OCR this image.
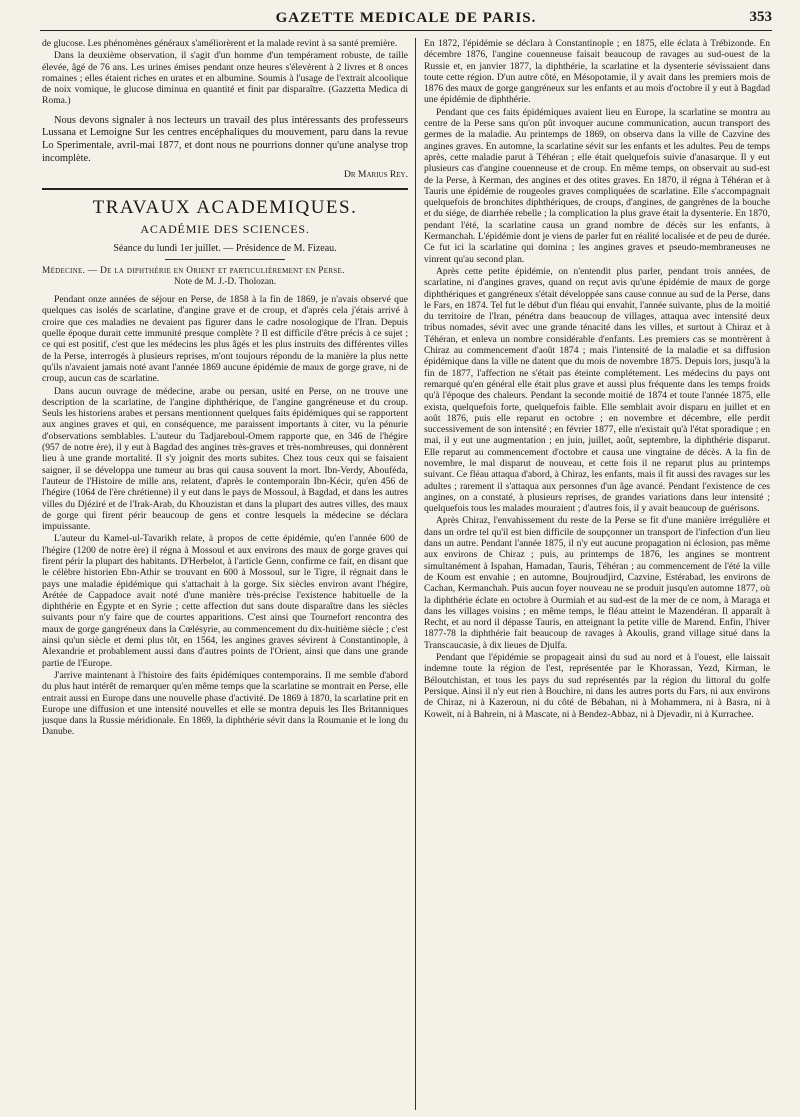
GAZETTE MEDICALE DE PARIS.	353

de glucose. Les phénomènes généraux s'améliorèrent et la malade revint à sa santé première.

Dans la deuxième observation, il s'agit d'un homme d'un tempérament robuste, de taille élevée, âgé de 76 ans. Les urines émises pendant onze heures s'élevèrent à 2 livres et 8 onces romaines ; elles étaient riches en urates et en albumine. Soumis à l'usage de l'extrait alcoolique de noix vomique, le glucose diminua en quantité et finit par disparaître. (Gazzetta Medica di Roma.)

Nous devons signaler à nos lecteurs un travail des plus intéressants des professeurs Lussana et Lemoigne Sur les centres encéphaliques du mouvement, paru dans la revue Lo Sperimentale, avril-mai 1877, et dont nous ne pourrions donner qu'une analyse trop incomplète.

Dr Marius Rey.

TRAVAUX ACADEMIQUES.
ACADÉMIE DES SCIENCES.
Séance du lundi 1er juillet. — Présidence de M. Fizeau.
Médecine. — De la diphthérie en Orient et particulièrement en Perse.
Note de M. J.-D. Tholozan.

Pendant onze années de séjour en Perse, de 1858 à la fin de 1869, je n'avais observé que quelques cas isolés de scarlatine, d'angine grave et de croup, et d'après cela j'étais arrivé à croire que ces maladies ne devaient pas figurer dans le cadre nosologique de l'Iran. Depuis quelle époque durait cette immunité presque complète ? Il est difficile d'être précis à ce sujet ; ce qui est positif, c'est que les médecins les plus âgés et les plus instruits des différentes villes de la Perse, interrogés à plusieurs reprises, m'ont toujours répondu de la manière la plus nette qu'ils n'avaient jamais noté avant l'année 1869 aucune épidémie de maux de gorge grave, ni de croup, aucun cas de scarlatine.

Dans aucun ouvrage de médecine, arabe ou persan, usité en Perse, on ne trouve une description de la scarlatine, de l'angine diphthérique, de l'angine gangréneuse et du croup. Seuls les historiens arabes et persans mentionnent quelques faits épidémiques qui se rapportent aux angines graves et qui, en conséquence, me paraissent importants à citer, vu la pénurie d'observations semblables. L'auteur du Tadjareboul-Omem rapporte que, en 346 de l'hégire (957 de notre ère), il y eut à Bagdad des angines très-graves et très-nombreuses, qui donnèrent lieu à une grande mortalité. Il s'y joignit des morts subites. Chez tous ceux qui se faisaient saigner, il se développa une tumeur au bras qui causa souvent la mort. Ibn-Verdy, Abouféda, l'auteur de l'Histoire de mille ans, relatent, d'après le contemporain Ibn-Kécir, qu'en 456 de l'hégire (1064 de l'ère chrétienne) il y eut dans le pays de Mossoul, à Bagdad, et dans les autres villes du Djéziré et de l'Irak-Arab, du Khouzistan et dans la plupart des autres villes, des maux de gorge qui firent périr beaucoup de gens et contre lesquels la médecine se déclara impuissante.

L'auteur du Kamel-ul-Tavarikh relate, à propos de cette épidémie, qu'en l'année 600 de l'hégire (1200 de notre ère) il régna à Mossoul et aux environs des maux de gorge graves qui firent périr la plupart des habitants. D'Herbelot, à l'article Genn, confirme ce fait, en disant que le célèbre historien Ebn-Athir se trouvant en 600 à Mossoul, sur le Tigre, il régnait dans le pays une maladie épidémique qui s'attachait à la gorge. Six siècles environ avant l'hégire, Arétée de Cappadoce avait noté d'une manière très-précise l'existence habituelle de la diphthérie en Égypte et en Syrie ; cette affection dut sans doute disparaître dans les siècles suivants pour n'y faire que de courtes apparitions. C'est ainsi que Tournefort rencontra des maux de gorge gangréneux dans la Cœlésyrie, au commencement du dix-huitième siècle ; c'est ainsi qu'un siècle et demi plus tôt, en 1564, les angines graves sévirent à Constantinople, à Alexandrie et probablement aussi dans d'autres points de l'Orient, ainsi que dans une grande partie de l'Europe.

J'arrive maintenant à l'histoire des faits épidémiques contemporains. Il me semble d'abord du plus haut intérêt de remarquer qu'en même temps que la scarlatine se montrait en Perse, elle entrait aussi en Europe dans une nouvelle phase d'activité. De 1869 à 1870, la scarlatine prit en Europe une diffusion et une intensité nouvelles et elle se montra depuis les Iles Britanniques jusque dans la Russie méridionale. En 1869, la diphthérie sévit dans la Roumanie et le long du Danube.

En 1872, l'épidémie se déclara à Constantinople ; en 1875, elle éclata à Trébizonde. En décembre 1876, l'angine couenneuse faisait beaucoup de ravages au sud-ouest de la Russie et, en janvier 1877, la diphthérie, la scarlatine et la dysenterie sévissaient dans toute cette région. D'un autre côté, en Mésopotamie, il y avait dans les premiers mois de 1876 des maux de gorge gangréneux sur les enfants et au mois d'octobre il y eut à Bagdad une épidémie de diphthérie.

Pendant que ces faits épidémiques avaient lieu en Europe, la scarlatine se montra au centre de la Perse sans qu'on pût invoquer aucune communication, aucun transport des germes de la maladie. Au printemps de 1869, on observa dans la ville de Cazvine des angines graves. En automne, la scarlatine sévit sur les enfants et les adultes. Peu de temps après, cette maladie parut à Téhéran ; elle était quelquefois suivie d'anasarque. Il y eut plusieurs cas d'angine couenneuse et de croup. En même temps, on observait au sud-est de la Perse, à Kerman, des angines et des otites graves. En 1870, il régna à Téhéran et à Tauris une épidémie de rougeoles graves compliquées de scarlatine. Elle s'accompagnait quelquefois de bronchites diphthériques, de croups, d'angines, de gangrènes de la bouche et du siége, de diarrhée rebelle ; la complication la plus grave était la dysenterie. En 1870, pendant l'été, la scarlatine causa un grand nombre de décès sur les enfants, à Kermanchah. L'épidémie dont je viens de parler fut en réalité localisée et de peu de durée. Ce fut ici la scarlatine qui domina ; les angines graves et pseudo-membraneuses ne vinrent qu'au second plan.

Après cette petite épidémie, on n'entendit plus parler, pendant trois années, de scarlatine, ni d'angines graves, quand on reçut avis qu'une épidémie de maux de gorge diphthériques et gangréneux s'était développée sans cause connue au sud de la Perse, dans le Fars, en 1874. Tel fut le début d'un fléau qui envahit, l'année suivante, plus de la moitié du territoire de l'Iran, pénétra dans beaucoup de villages, attaqua avec intensité deux tribus nomades, sévit avec une grande ténacité dans les villes, et surtout à Chiraz et à Téhéran, et enleva un nombre considérable d'enfants. Les premiers cas se montrèrent à Chiraz au commencement d'août 1874 ; mais l'intensité de la maladie et sa diffusion épidémique dans la ville ne datent que du mois de novembre 1875. Depuis lors, jusqu'à la fin de 1877, l'affection ne s'était pas éteinte complétement. Les médecins du pays ont remarqué qu'en général elle était plus grave et aussi plus fréquente dans les temps froids qu'à l'époque des chaleurs. Pendant la seconde moitié de 1874 et toute l'année 1875, elle exista, quelquefois forte, quelquefois faible. Elle semblait avoir disparu en juillet et en août 1876, puis elle reparut en octobre ; en novembre et décembre, elle perdit successivement de son intensité ; en février 1877, elle n'existait qu'à l'état sporadique ; en mai, il y eut une augmentation ; en juin, juillet, août, septembre, la diphthérie disparut. Elle reparut au commencement d'octobre et causa une vingtaine de décès. A la fin de novembre, le mal disparut de nouveau, et cette fois il ne reparut plus au printemps suivant. Ce fléau attaqua d'abord, à Chiraz, les enfants, mais il fit aussi des ravages sur les adultes ; rarement il s'attaqua aux personnes d'un âge avancé. Pendant l'existence de ces angines, on a constaté, à plusieurs reprises, de grandes variations dans leur intensité ; quelquefois tous les malades mouraient ; d'autres fois, il y avait beaucoup de guérisons.

Après Chiraz, l'envahissement du reste de la Perse se fit d'une manière irrégulière et dans un ordre tel qu'il est bien difficile de soupçonner un transport de l'infection d'un lieu dans un autre. Pendant l'année 1875, il n'y eut aucune propagation ni éclosion, pas même aux environs de Chiraz ; puis, au printemps de 1876, les angines se montrent simultanément à Ispahan, Hamadan, Tauris, Téhéran ; au commencement de l'été la ville de Koum est envahie ; en automne, Boujroudjird, Cazvine, Estérabad, les environs de Cachan, Kermanchah. Puis aucun foyer nouveau ne se produit jusqu'en automne 1877, où la diphthérie éclate en octobre à Ourmiah et au sud-est de la mer de ce nom, à Maraga et dans les villages voisins ; en même temps, le fléau atteint le Mazendéran. Il apparaît à Recht, et au nord il dépasse Tauris, en atteignant la petite ville de Marend. Enfin, l'hiver 1877-78 la diphthérie fait beaucoup de ravages à Akoulis, grand village situé dans la Transcaucasie, à dix lieues de Djulfa.

Pendant que l'épidémie se propageait ainsi du sud au nord et à l'ouest, elle laissait indemne toute la région de l'est, représentée par le Khorassan, Yezd, Kirman, le Béloutchistan, et tous les pays du sud représentés par la région du littoral du golfe Persique. Ainsi il n'y eut rien à Bouchire, ni dans les autres ports du Fars, ni aux environs de Chiraz, ni à Kazeroun, ni du côté de Bébahan, ni à Mohammera, ni à Basra, ni à Koweït, ni à Bahrein, ni à Mascate, ni à Bendez-Abbaz, ni à Djevadir, ni à Kurrachee.
